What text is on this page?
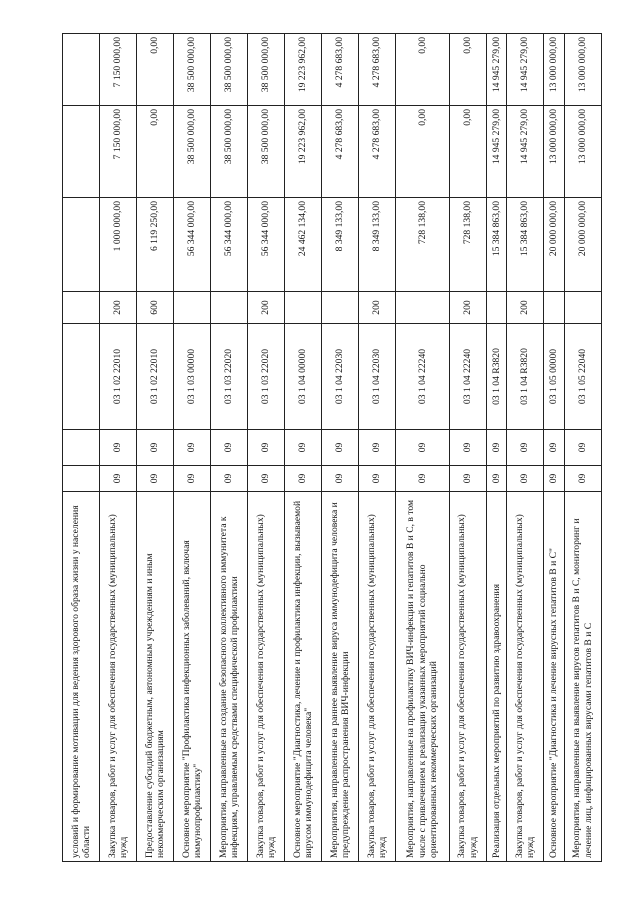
условий и формирование мотивации для ведения здорового образа жизни у населения области							
Закупка товаров, работ и услуг для обеспечения государственных (муниципальных) нужд	09	09	03 1 02 22010	200	1 000 000,00	7 150 000,00	7 150 000,00
Предоставление субсидий бюджетным, автономным учреждениям и иным некоммерческим организациям	09	09	03 1 02 22010	600	6 119 250,00	0,00	0,00
Основное мероприятие "Профилактика инфекционных заболеваний, включая иммунопрофилактику"	09	09	03 1 03 00000		56 344 000,00	38 500 000,00	38 500 000,00
Мероприятия, направленные на создание безопасного коллективного иммунитета к инфекциям, управляемым средствами специфической профилактики	09	09	03 1 03 22020		56 344 000,00	38 500 000,00	38 500 000,00
Закупка товаров, работ и услуг для обеспечения государственных (муниципальных) нужд	09	09	03 1 03 22020	200	56 344 000,00	38 500 000,00	38 500 000,00
Основное мероприятие "Диагностика, лечение и профилактика инфекции, вызываемой вирусом иммунодефицита человека"	09	09	03 1 04 00000		24 462 134,00	19 223 962,00	19 223 962,00
Мероприятия, направленные на раннее выявление вируса иммунодефицита человека и предупреждение распространения ВИЧ-инфекции	09	09	03 1 04 22030		8 349 133,00	4 278 683,00	4 278 683,00
Закупка товаров, работ и услуг для обеспечения государственных (муниципальных) нужд	09	09	03 1 04 22030	200	8 349 133,00	4 278 683,00	4 278 683,00
Мероприятия, направленные на профилактику ВИЧ-инфекции и гепатитов В и С, в том числе с привлечением к реализации указанных мероприятий социально ориентированных некоммерческих организаций	09	09	03 1 04 22240		728 138,00	0,00	0,00
Закупка товаров, работ и услуг для обеспечения государственных (муниципальных) нужд	09	09	03 1 04 22240	200	728 138,00	0,00	0,00
Реализация отдельных мероприятий по развитию здравоохранения	09	09	03 1 04 R3820		15 384 863,00	14 945 279,00	14 945 279,00
Закупка товаров, работ и услуг для обеспечения государственных (муниципальных) нужд	09	09	03 1 04 R3820	200	15 384 863,00	14 945 279,00	14 945 279,00
Основное мероприятие "Диагностика и лечение вирусных гепатитов В и С"	09	09	03 1 05 00000		20 000 000,00	13 000 000,00	13 000 000,00
Мероприятия, направленные на выявление вирусов гепатитов В и С, мониторинг и лечение лиц, инфицированных вирусами гепатитов В и С	09	09	03 1 05 22040		20 000 000,00	13 000 000,00	13 000 000,00
